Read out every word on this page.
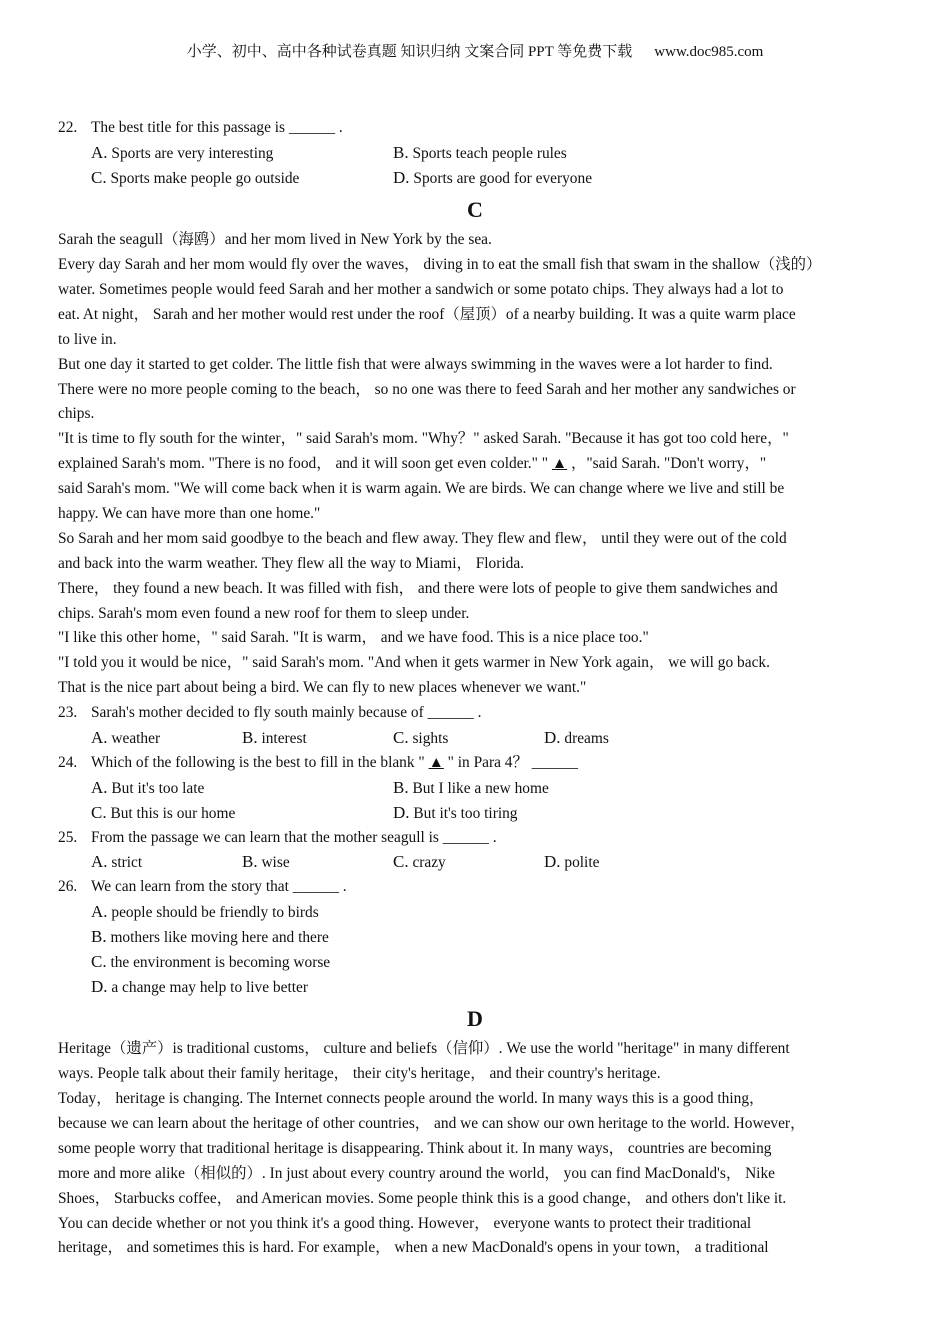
小学、初中、高中各种试卷真题 知识归纳 文案合同 PPT 等免费下载 www.doc985.com
22. The best title for this passage is ______ .
A. Sports are very interesting	B. Sports teach people rules
C. Sports make people go outside	D. Sports are good for everyone
C
Sarah the seagull（海鸥）and her mom lived in New York by the sea.
Every day Sarah and her mom would fly over the waves， diving in to eat the small fish that swam in the shallow（浅的）
water. Sometimes people would feed Sarah and her mother a sandwich or some potato chips. They always had a lot to
eat. At night， Sarah and her mother would rest under the roof（屋顶）of a nearby building. It was a quite warm place
to live in.
But one day it started to get colder. The little fish that were always swimming in the waves were a lot harder to find.
There were no more people coming to the beach， so no one was there to feed Sarah and her mother any sandwiches or
chips.
"It is time to fly south for the winter，" said Sarah's mom. "Why？" asked Sarah. "Because it has got too cold here，"
explained Sarah's mom. "There is no food， and it will soon get even colder." " ▲ ，"said Sarah. "Don't worry，"
said Sarah's mom. "We will come back when it is warm again. We are birds. We can change where we live and still be
happy. We can have more than one home."
So Sarah and her mom said goodbye to the beach and flew away. They flew and flew， until they were out of the cold
and back into the warm weather. They flew all the way to Miami， Florida.
There， they found a new beach. It was filled with fish， and there were lots of people to give them sandwiches and
chips. Sarah's mom even found a new roof for them to sleep under.
"I like this other home，" said Sarah. "It is warm， and we have food. This is a nice place too."
"I told you it would be nice，" said Sarah's mom. "And when it gets warmer in New York again， we will go back.
That is the nice part about being a bird. We can fly to new places whenever we want."
23. Sarah's mother decided to fly south mainly because of ______ .
A. weather	B. interest	C. sights	D. dreams
24. Which of the following is the best to fill in the blank " ▲ " in Para 4？ ______
A. But it's too late	B. But I like a new home
C. But this is our home	D. But it's too tiring
25. From the passage we can learn that the mother seagull is ______ .
A. strict	B. wise	C. crazy	D. polite
26. We can learn from the story that ______ .
A. people should be friendly to birds
B. mothers like moving here and there
C. the environment is becoming worse
D. a change may help to live better
D
Heritage（遗产）is traditional customs， culture and beliefs（信仰）. We use the world "heritage" in many different
ways. People talk about their family heritage， their city's heritage， and their country's heritage.
Today， heritage is changing. The Internet connects people around the world. In many ways this is a good thing，
because we can learn about the heritage of other countries， and we can show our own heritage to the world. However，
some people worry that traditional heritage is disappearing. Think about it. In many ways， countries are becoming
more and more alike（相似的）. In just about every country around the world， you can find MacDonald's， Nike
Shoes， Starbucks coffee， and American movies. Some people think this is a good change， and others don't like it.
You can decide whether or not you think it's a good thing. However， everyone wants to protect their traditional
heritage， and sometimes this is hard. For example， when a new MacDonald's opens in your town， a traditional
